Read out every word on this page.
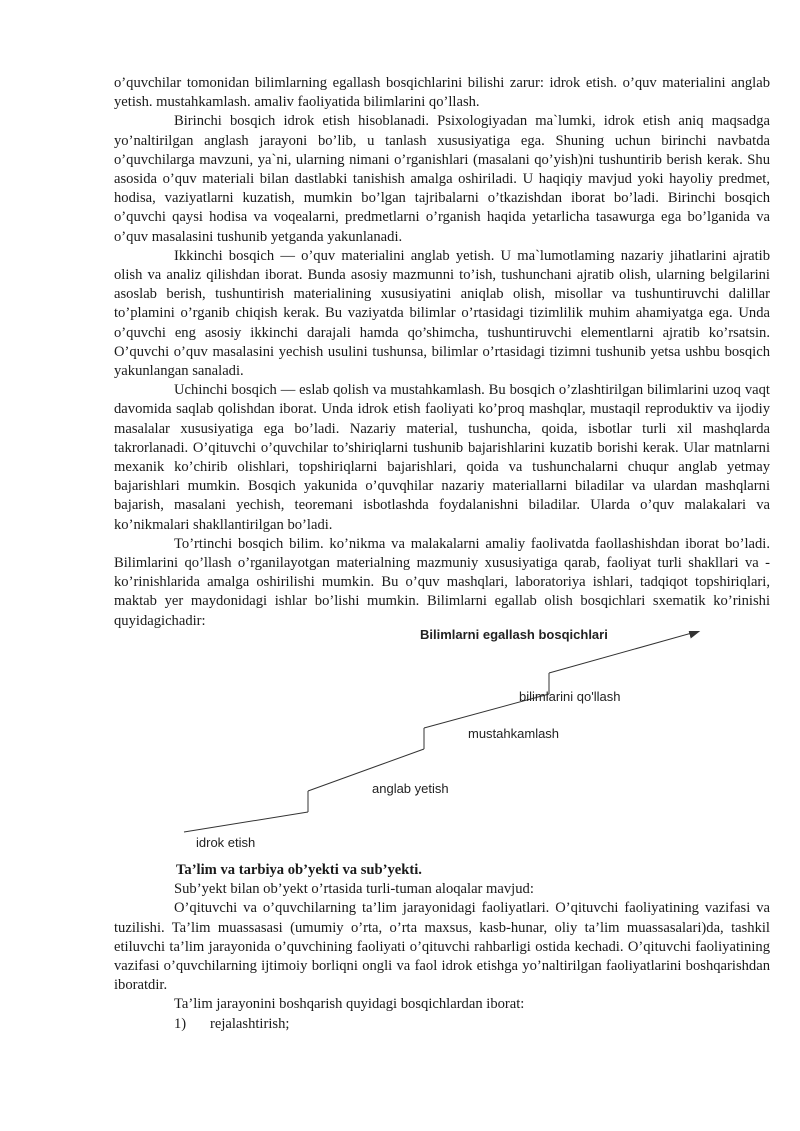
o’quvchilar tomonidan bilimlarning egallash bosqichlarini bilishi zarur: idrok etish. o’quv materialini anglab yetish. mustahkamlash. amaliv faoliyatida bilimlarini qo’llash.

Birinchi bosqich idrok etish hisoblanadi. Psixologiyadan ma`lumki, idrok etish aniq maqsadga yo’naltirilgan anglash jarayoni bo’lib, u tanlash xususiyatiga ega. Shuning uchun birinchi navbatda o’quvchilarga mavzuni, ya`ni, ularning nimani o’rganishlari (masalani qo’yish)ni tushuntirib berish kerak. Shu asosida o’quv materiali bilan dastlabki tanishish amalga oshiriladi. U haqiqiy mavjud yoki hayoliy predmet, hodisa, vaziyatlarni kuzatish, mumkin bo’lgan tajribalarni o’tkazishdan iborat bo’ladi. Birinchi bosqich o’quvchi qaysi hodisa va voqealarni, predmetlarni o’rganish haqida yetarlicha tasawurga ega bo’lganida va o’quv masalasini tushunib yetganda yakunlanadi.

Ikkinchi bosqich — o’quv materialini anglab yetish. U ma`lumotlaming nazariy jihatlarini ajratib olish va analiz qilishdan iborat. Bunda asosiy mazmunni to’ish, tushunchani ajratib olish, ularning belgilarini asoslab berish, tushuntirish materialining xususiyatini aniqlab olish, misollar va tushuntiruvchi dalillar to’plamini o’rganib chiqish kerak. Bu vaziyatda bilimlar o’rtasidagi tizimlilik muhim ahamiyatga ega. Unda o’quvchi eng asosiy ikkinchi darajali hamda qo’shimcha, tushuntiruvchi elementlarni ajratib ko’rsatsin. O’quvchi o’quv masalasini yechish usulini tushunsa, bilimlar o’rtasidagi tizimni tushunib yetsa ushbu bosqich yakunlangan sanaladi.

Uchinchi bosqich — eslab qolish va mustahkamlash. Bu bosqich o’zlashtirilgan bilimlarini uzoq vaqt davomida saqlab qolishdan iborat. Unda idrok etish faoliyati ko’proq mashqlar, mustaqil reproduktiv va ijodiy masalalar xususiyatiga ega bo’ladi. Nazariy material, tushuncha, qoida, isbotlar turli xil mashqlarda takrorlanadi. O’qituvchi o’quvchilar to’shiriqlarni tushunib bajarishlarini kuzatib borishi kerak. Ular matnlarni mexanik ko’chirib olishlari, topshiriqlarni bajarishlari, qoida va tushunchalarni chuqur anglab yetmay bajarishlari mumkin. Bosqich yakunida o’quvqhilar nazariy materiallarni biladilar va ulardan mashqlarni bajarish, masalani yechish, teoremani isbotlashda foydalanishni biladilar. Ularda o’quv malakalari va ko’nikmalari shakllantirilgan bo’ladi.

To’rtinchi bosqich bilim. ko’nikma va malakalarni amaliy faolivatda faollashishdan iborat bo’ladi. Bilimlarini qo’llash o’rganilayotgan materialning mazmuniy xususiyatiga qarab, faoliyat turli shakllari va - ko’rinishlarida amalga oshirilishi mumkin. Bu o’quv mashqlari, laboratoriya ishlari, tadqiqot topshiriqlari, maktab yer maydonidagi ishlar bo’lishi mumkin. Bilimlarni egallab olish bosqichlari sxematik ko’rinishi quyidagichadir:

Bilimlarni egallash bosqichlari
idrok etish
anglab yetish
mustahkamlash
bilimlarini qo'llash

Ta’lim va tarbiya ob’yekti va sub’yekti.

Sub’yekt bilan ob’yekt o’rtasida turli-tuman aloqalar mavjud:

O’qituvchi va o’quvchilarning ta’lim jarayonidagi faoliyatlari. O’qituvchi faoliyatining vazifasi va tuzilishi. Ta’lim muassasasi (umumiy o’rta, o’rta maxsus, kasb-hunar, oliy ta’lim muassasalari)da, tashkil etiluvchi ta’lim jarayonida o’quvchining faoliyati o’qituvchi rahbarligi ostida kechadi. O’qituvchi faoliyatining vazifasi o’quvchilarning ijtimoiy borliqni ongli va faol idrok etishga yo’naltirilgan faoliyatlarini boshqarishdan iboratdir.

Ta’lim jarayonini boshqarish quyidagi bosqichlardan iborat:

1) rejalashtirish;
